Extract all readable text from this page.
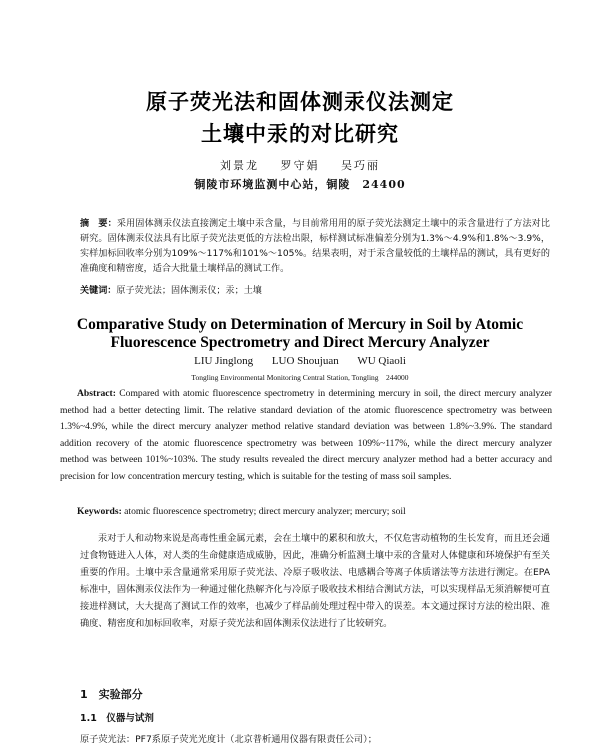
原子荧光法和固体测汞仪法测定
土壤中汞的对比研究
刘景龙 罗守娟 吴巧丽
铜陵市环境监测中心站，铜陵　24400
摘　要：采用固体测汞仪法直接测定土壤中汞含量，与目前常用用的原子荧光法测定土壤中的汞含量进行了方法对比研究。固体测汞仪法具有比原子荧光法更低的方法检出限，标样测试标准偏差分别为1.3%～4.9%和1.8%～3.9%，实样加标回收率分别为109%～117%和101%～105%。结果表明，对于汞含量较低的土壤样品的测试，具有更好的准确度和精密度，适合大批量土壤样品的测试工作。
关键词：原子荧光法；固体测汞仪；汞；土壤
Comparative Study on Determination of Mercury in Soil by Atomic
Fluorescence Spectrometry and Direct Mercury Analyzer
LIU Jinglong LUO Shoujuan WU Qiaoli
Tongling Environmental Monitoring Central Station, Tongling　244000
Abstract: Compared with atomic fluorescence spectrometry in determining mercury in soil, the direct mercury analyzer method had a better detecting limit. The relative standard deviation of the atomic fluorescence spectrometry was between 1.3%~4.9%, while the direct mercury analyzer method relative standard deviation was between 1.8%~3.9%. The standard addition recovery of the atomic fluorescence spectrometry was between 109%~117%, while the direct mercury analyzer method was between 101%~103%. The study results revealed the direct mercury analyzer method had a better accuracy and precision for low concentration mercury testing, which is suitable for the testing of mass soil samples.
Keywords: atomic fluorescence spectrometry; direct mercury analyzer; mercury; soil
汞对于人和动物来说是高毒性重金属元素，会在土壤中的累积和放大，不仅危害动植物的生长发育，而且还会通过食物链进入人体，对人类的生命健康造成威胁，因此，准确分析监测土壤中汞的含量对人体健康和环境保护有至关重要的作用。土壤中汞含量通常采用原子荧光法、冷原子吸收法、电感耦合等离子体质谱法等方法进行测定。在EPA标准中，固体测汞仪法作为一种通过催化热解齐化与冷原子吸收技术相结合测试方法，可以实现样品无须消解便可直接进样测试，大大提高了测试工作的效率，也减少了样品前处理过程中带入的误差。本文通过探讨方法的检出限、准确度、精密度和加标回收率，对原子荧光法和固体测汞仪法进行了比较研究。
1　实验部分
1.1　仪器与试剂
原子荧光法：PF7系原子荧光光度计（北京普析通用仪器有限责任公司）；
